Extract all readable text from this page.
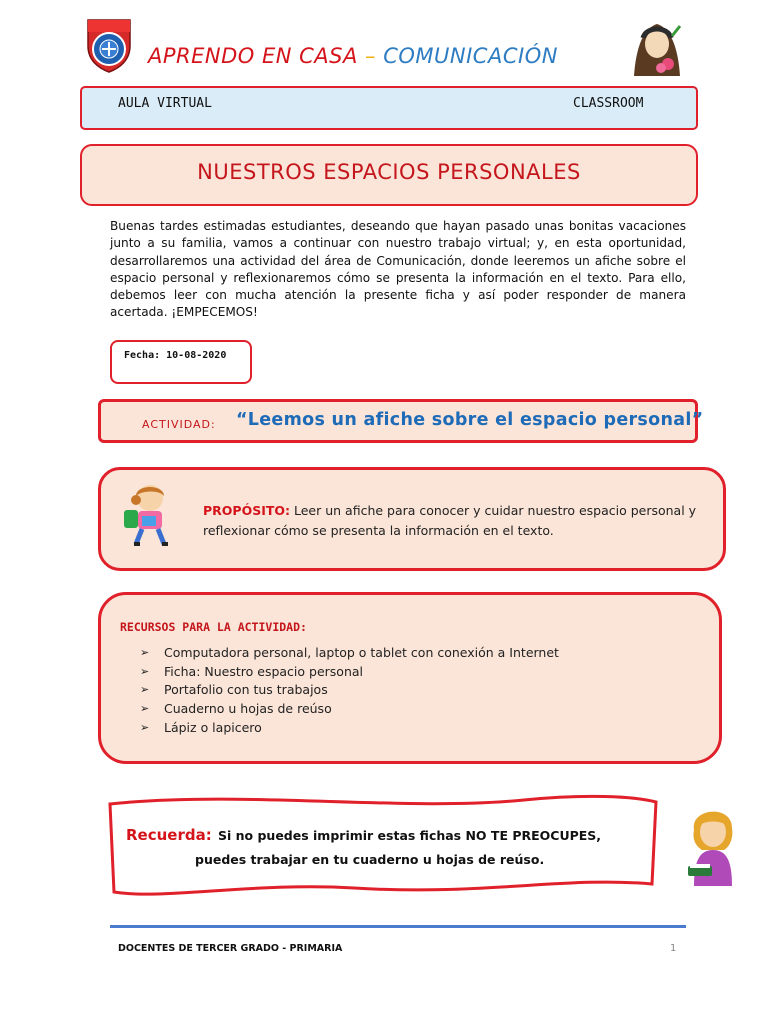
APRENDO EN CASA – COMUNICACIÓN
AULA VIRTUAL	CLASSROOM
NUESTROS ESPACIOS PERSONALES
Buenas tardes estimadas estudiantes, deseando que hayan pasado unas bonitas vacaciones junto a su familia, vamos a continuar con nuestro trabajo virtual; y, en esta oportunidad, desarrollaremos una actividad del área de Comunicación, donde leeremos un afiche sobre el espacio personal y reflexionaremos cómo se presenta la información en el texto. Para ello, debemos leer con mucha atención la presente ficha y así poder responder de manera acertada. ¡EMPECEMOS!
Fecha: 10-08-2020
ACTIVIDAD: “Leemos un afiche sobre el espacio personal”
PROPÓSITO: Leer un afiche para conocer y cuidar nuestro espacio personal y reflexionar cómo se presenta la información en el texto.
RECURSOS PARA LA ACTIVIDAD:
➢	Computadora personal, laptop o tablet con conexión a Internet
➢	Ficha: Nuestro espacio personal
➢	Portafolio con tus trabajos
➢	Cuaderno u hojas de reúso
➢	Lápiz o lapicero
Recuerda: Si no puedes imprimir estas fichas NO TE PREOCUPES,
puedes trabajar en tu cuaderno u hojas de reúso.
DOCENTES DE TERCER GRADO - PRIMARIA	1
